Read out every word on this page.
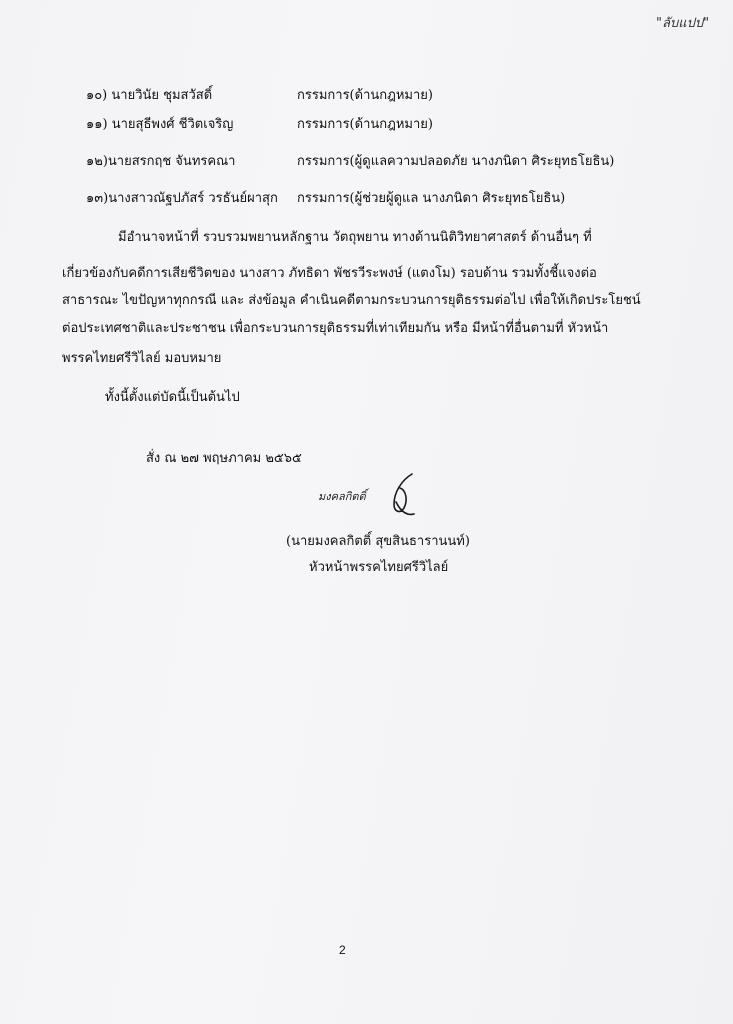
"ลับแปป"
๑๐) นายวินัย ชุมสวัสดิ์	กรรมการ(ด้านกฎหมาย)
๑๑) นายสุธีพงศ์ ชีวิตเจริญ	กรรมการ(ด้านกฎหมาย)
๑๒)นายสรกฤช จันทรคณา	กรรมการ(ผู้ดูแลความปลอดภัย นางภนิดา ศิระยุทธโยธิน)
๑๓)นางสาวณัฐปภัสร์ วรธันย์ผาสุก กรรมการ(ผู้ช่วยผู้ดูแล นางภนิดา ศิระยุทธโยธิน)
มีอำนาจหน้าที่ รวบรวมพยานหลักฐาน วัตถุพยาน ทางด้านนิติวิทยาศาสตร์ ด้านอื่นๆ ที่
เกี่ยวข้องกับคดีการเสียชีวิตของ นางสาว ภัทธิดา พัชรวีระพงษ์ (แตงโม) รอบด้าน รวมทั้งชี้แจงต่อ
สาธารณะ ไขปัญหาทุกกรณี และ ส่งข้อมูล คำเนินคดีตามกระบวนการยุติธรรมต่อไป เพื่อให้เกิดประโยชน์
ต่อประเทศชาติและประชาชน เพื่อกระบวนการยุติธรรมที่เท่าเทียมกัน หรือ มีหน้าที่อื่นตามที่ หัวหน้า
พรรคไทยศรีวิไลย์ มอบหมาย
ทั้งนี้ตั้งแต่บัดนี้เป็นต้นไป
สั่ง ณ ๒๗ พฤษภาคม ๒๕๖๕
มงคลกิตติ์
(นายมงคลกิตติ์ สุขสินธารานนท์)
หัวหน้าพรรคไทยศรีวิไลย์
2
